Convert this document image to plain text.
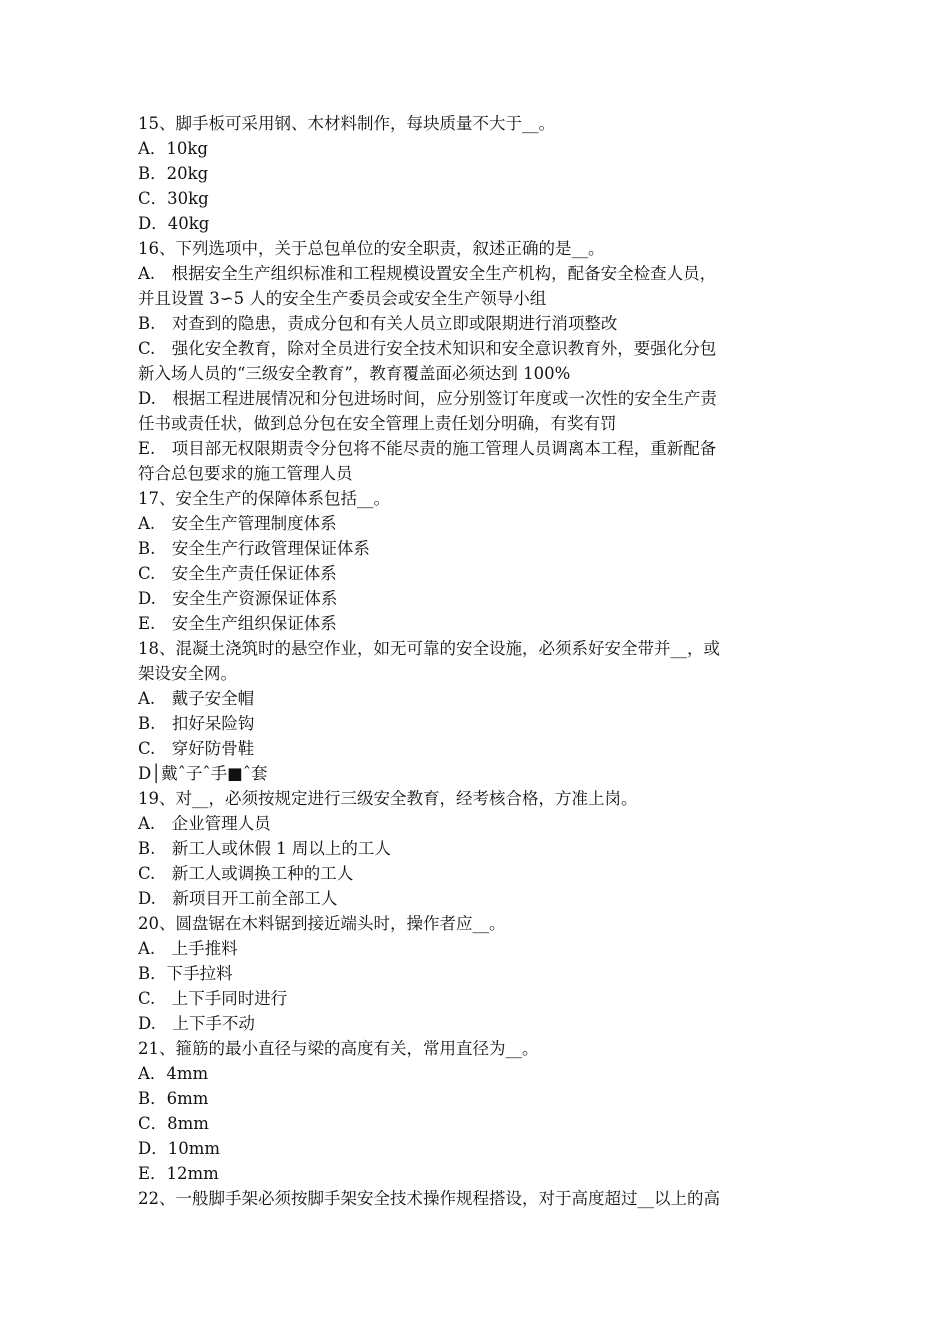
15、脚手板可采用钢、木材料制作，每块质量不大于__。
A．10kg
B．20kg
C．30kg
D．40kg
16、下列选项中，关于总包单位的安全职责，叙述正确的是__。
A.　根据安全生产组织标准和工程规模设置安全生产机构，配备安全检查人员，
并且设置 3∽5 人的安全生产委员会或安全生产领导小组
B.　对查到的隐患，责成分包和有关人员立即或限期进行消项整改
C.　强化安全教育，除对全员进行安全技术知识和安全意识教育外，要强化分包
新入场人员的“三级安全教育”，教育覆盖面必须达到 100%
D.　根据工程进展情况和分包进场时间，应分别签订年度或一次性的安全生产责
任书或责任状，做到总分包在安全管理上责任划分明确，有奖有罚
E.　项目部无权限期责令分包将不能尽责的施工管理人员调离本工程，重新配备
符合总包要求的施工管理人员
17、安全生产的保障体系包括__。
A.　安全生产管理制度体系
B.　安全生产行政管理保证体系
C.　安全生产责任保证体系
D.　安全生产资源保证体系
E.　安全生产组织保证体系
18、混凝土浇筑时的悬空作业，如无可靠的安全设施，必须系好安全带并__，或
架设安全网。
A.　戴子安全帽
B.　扣好呆险钩
C.　穿好防骨鞋
D│戴ˆ子ˆ手■ˆ套
19、对__，必须按规定进行三级安全教育，经考核合格，方准上岗。
A.　企业管理人员
B.　新工人或休假 1 周以上的工人
C.　新工人或调换工种的工人
D.　新项目开工前全部工人
20、圆盘锯在木料锯到接近端头时，操作者应__。
A.　上手推料
B．下手拉料
C.　上下手同时进行
D.　上下手不动
21、箍筋的最小直径与梁的高度有关，常用直径为__。
A．4mm
B．6mm
C．8mm
D．10mm
E．12mm
22、一般脚手架必须按脚手架安全技术操作规程搭设，对于高度超过__以上的高
